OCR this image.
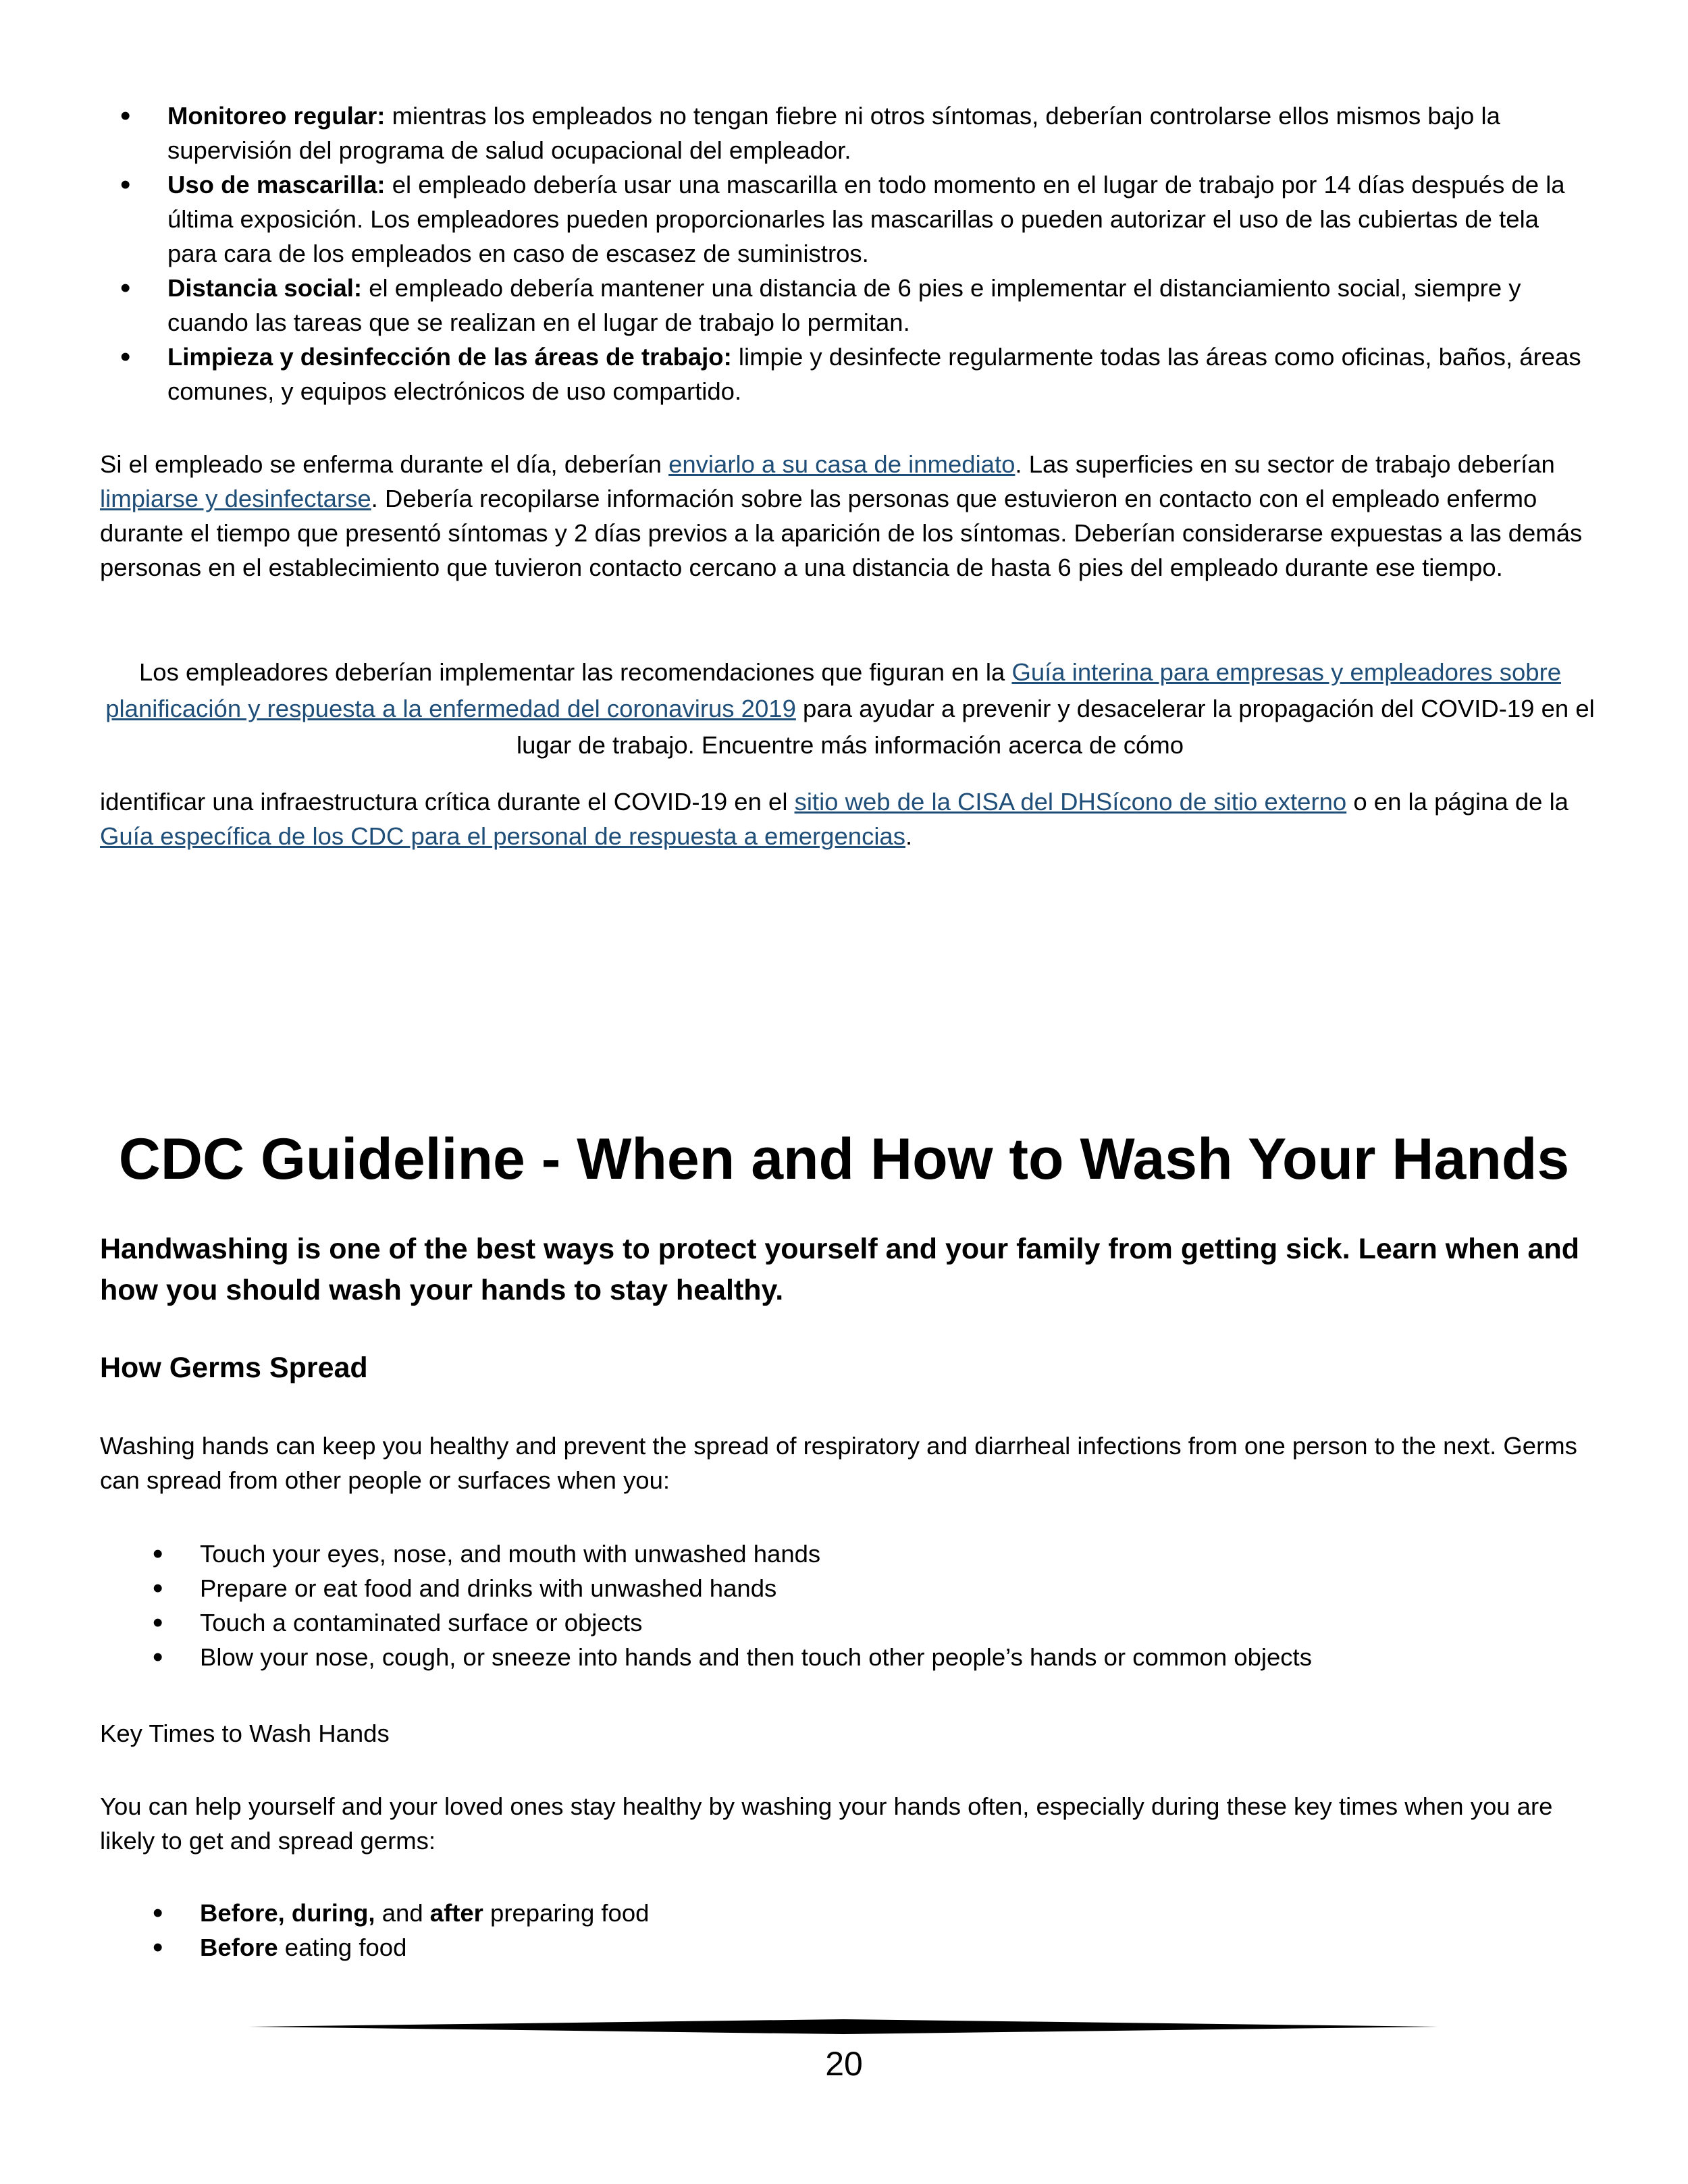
• Monitoreo regular: mientras los empleados no tengan fiebre ni otros síntomas, deberían controlarse ellos mismos bajo la supervisión del programa de salud ocupacional del empleador.
• Uso de mascarilla: el empleado debería usar una mascarilla en todo momento en el lugar de trabajo por 14 días después de la última exposición. Los empleadores pueden proporcionarles las mascarillas o pueden autorizar el uso de las cubiertas de tela para cara de los empleados en caso de escasez de suministros.
• Distancia social: el empleado debería mantener una distancia de 6 pies e implementar el distanciamiento social, siempre y cuando las tareas que se realizan en el lugar de trabajo lo permitan.
• Limpieza y desinfección de las áreas de trabajo: limpie y desinfecte regularmente todas las áreas como oficinas, baños, áreas comunes, y equipos electrónicos de uso compartido.

Si el empleado se enferma durante el día, deberían enviarlo a su casa de inmediato. Las superficies en su sector de trabajo deberían limpiarse y desinfectarse. Debería recopilarse información sobre las personas que estuvieron en contacto con el empleado enfermo durante el tiempo que presentó síntomas y 2 días previos a la aparición de los síntomas. Deberían considerarse expuestas a las demás personas en el establecimiento que tuvieron contacto cercano a una distancia de hasta 6 pies del empleado durante ese tiempo.

Los empleadores deberían implementar las recomendaciones que figuran en la Guía interina para empresas y empleadores sobre planificación y respuesta a la enfermedad del coronavirus 2019 para ayudar a prevenir y desacelerar la propagación del COVID-19 en el lugar de trabajo. Encuentre más información acerca de cómo

identificar una infraestructura crítica durante el COVID-19 en el sitio web de la CISA del DHSícono de sitio externo o en la página de la Guía específica de los CDC para el personal de respuesta a emergencias.

CDC Guideline - When and How to Wash Your Hands

Handwashing is one of the best ways to protect yourself and your family from getting sick. Learn when and how you should wash your hands to stay healthy.

How Germs Spread

Washing hands can keep you healthy and prevent the spread of respiratory and diarrheal infections from one person to the next. Germs can spread from other people or surfaces when you:

• Touch your eyes, nose, and mouth with unwashed hands
• Prepare or eat food and drinks with unwashed hands
• Touch a contaminated surface or objects
• Blow your nose, cough, or sneeze into hands and then touch other people’s hands or common objects

Key Times to Wash Hands

You can help yourself and your loved ones stay healthy by washing your hands often, especially during these key times when you are likely to get and spread germs:

• Before, during, and after preparing food
• Before eating food
20
